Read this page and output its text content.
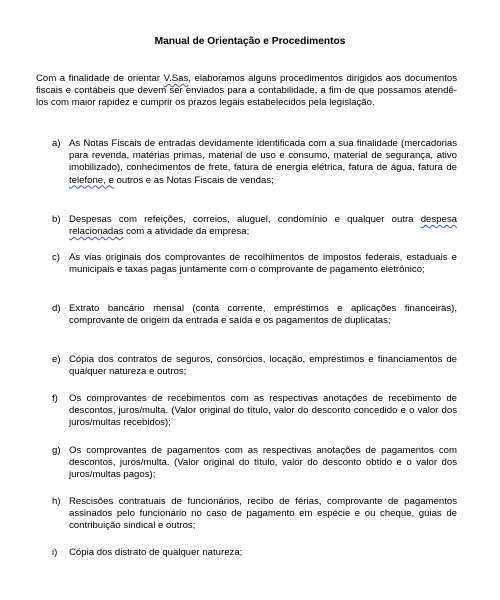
Manual de Orientação e Procedimentos
Com a finalidade de orientar V.Sas, elaboramos alguns procedimentos dirigidos aos documentos fiscais e contábeis que devem ser enviados para a contabilidade, a fim de que possamos atendê-los com maior rapidez e cumprir os prazos legais estabelecidos pela legislação.
a) As Notas Fiscais de entradas devidamente identificada com a sua finalidade (mercadorias para revenda, matérias primas, material de uso e consumo, material de segurança, ativo imobilizado), conhecimentos de frete, fatura de energia elétrica, fatura de água, fatura de telefone, e outros e as Notas Fiscais de vendas;
b) Despesas com refeições, correios, aluguel, condomínio e qualquer outra despesa relacionadas com a atividade da empresa;
c) As vias originais dos comprovantes de recolhimentos de impostos federais, estaduais e municipais e taxas pagas juntamente com o comprovante de pagamento eletrônico;
d) Extrato bancário mensal (conta corrente, empréstimos e aplicações financeiras), comprovante de origem da entrada e saída e os pagamentos de duplicatas;
e) Cópia dos contratos de seguros, consórcios, locação, empréstimos e financiamentos de qualquer natureza e outros;
f)	Os comprovantes de recebimentos com as respectivas anotações de recebimento de descontos, juros/multa. (Valor original do título, valor do desconto concedido e o valor dos juros/multas recebidos);
g) Os comprovantes de pagamentos com as respectivas anotações de pagamentos com descontos, juros/multa. (Valor original do título, valor do desconto obtido e o valor dos juros/multas pagos);
h) Rescisões contratuais de funcionários, recibo de férias, comprovante de pagamentos assinados pelo funcionário no caso de pagamento em espécie e ou cheque, guias de contribuição sindical e outros;
i)	Cópia dos distrato de qualquer natureza;
